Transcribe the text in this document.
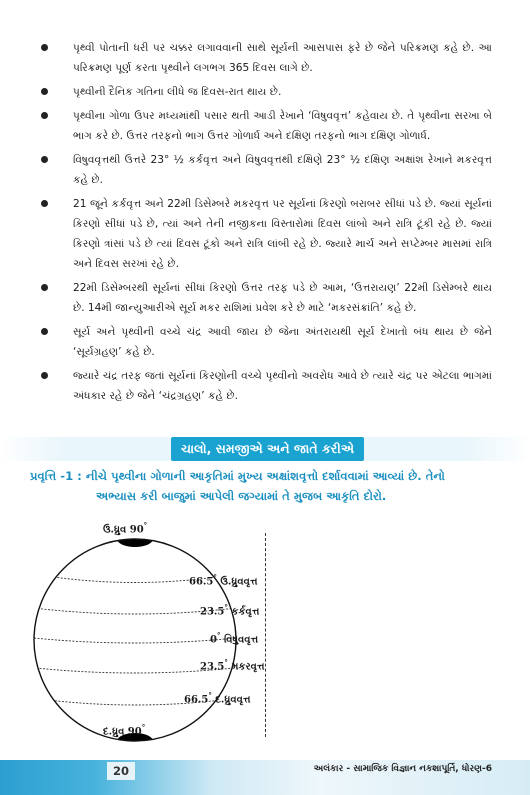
પૃથ્વી પોતાની ધરી પર ચક્કર લગાવવાની સાથે સૂર્યની આસપાસ ફરે છે જેને પરિક્રમણ કહે છે. આ પરિક્રમણ પૂર્ણ કરતા પૃથ્વીને લગભગ 365 દિવસ લાગે છે.
પૃથ્વીની દૈનિક ગતિના લીધે જ દિવસ-રાત થાય છે.
પૃથ્વીના ગોળા ઉપર મધ્યમાંથી પસાર થતી આડી રેખાને ‘વિષુવવૃત્ત’ કહેવાય છે. તે પૃથ્વીના સરખા બે ભાગ કરે છે. ઉત્તર તરફનો ભાગ ઉત્તર ગોળાર્ધ અને દક્ષિણ તરફનો ભાગ દક્ષિણ ગોળાર્ધ.
વિષુવવૃત્તથી ઉત્તરે 23° ½ કર્કવૃત્ત અને વિષુવવૃત્તથી દક્ષિણે 23° ½ દક્ષિણ અક્ષાંશ રેખાને મકરવૃત્ત કહે છે.
21 જૂને કર્કવૃત્ત અને 22મી ડિસેમ્બરે મકરવૃત્ત પર સૂર્યનાં કિરણો બરાબર સીધાં પડે છે. જ્યાં સૂર્યનાં કિરણો સીધાં પડે છે, ત્યાં અને તેની નજીકના વિસ્તારોમાં દિવસ લાંબો અને રાત્રિ ટૂંકી રહે છે. જ્યાં કિરણો ત્રાંસાં પડે છે ત્યાં દિવસ ટૂંકો અને રાત્રિ લાંબી રહે છે. જ્યારે માર્ચ અને સપ્ટેમ્બર માસમાં રાત્રિ અને દિવસ સરખાં રહે છે.
22મી ડિસેમ્બરથી સૂર્યનાં સીધાં કિરણો ઉત્તર તરફ પડે છે આમ, ‘ઉત્તરાયણ’ 22મી ડિસેમ્બરે થાય છે. 14મી જાન્યુઆરીએ સૂર્ય મકર રાશિમાં પ્રવેશ કરે છે માટે ‘મકરસંક્રાંતિ’ કહે છે.
સૂર્ય અને પૃથ્વીની વચ્ચે ચંદ્ર આવી જાય છે જેના અંતરાયથી સૂર્ય દેખાતો બંધ થાય છે જેને ‘સૂર્યગ્રહણ’ કહે છે.
જ્યારે ચંદ્ર તરફ જતાં સૂર્યનાં કિરણોની વચ્ચે પૃથ્વીનો અવરોધ આવે છે ત્યારે ચંદ્ર પર એટલા ભાગમાં અંધકાર રહે છે જેને ‘ચંદ્રગ્રહણ’ કહે છે.
ચાલો, સમજીએ અને જાતે કરીએ
પ્રવૃત્તિ -1 : નીચે પૃથ્વીના ગોળાની આકૃતિમાં મુખ્ય અક્ષાંશવૃત્તો દર્શાવવામાં આવ્યાં છે. તેનો
અભ્યાસ કરી બાજુમાં આપેલી જગ્યામાં તે મુજબ આકૃતિ દોરો.
ઉ.ધ્રુવ 90°
66.5° ઉ.ધ્રુવવૃત્ત
23.5° કર્કવૃત્ત
0° વિષુવવૃત્ત
23.5° મકરવૃત્ત
66.5° દ.ધ્રુવવૃત્ત
દ.ધ્રુવ 90°
20	અલંકાર - સામાજિક વિજ્ઞાન નકશાપૂર્તિ, ધોરણ-6
